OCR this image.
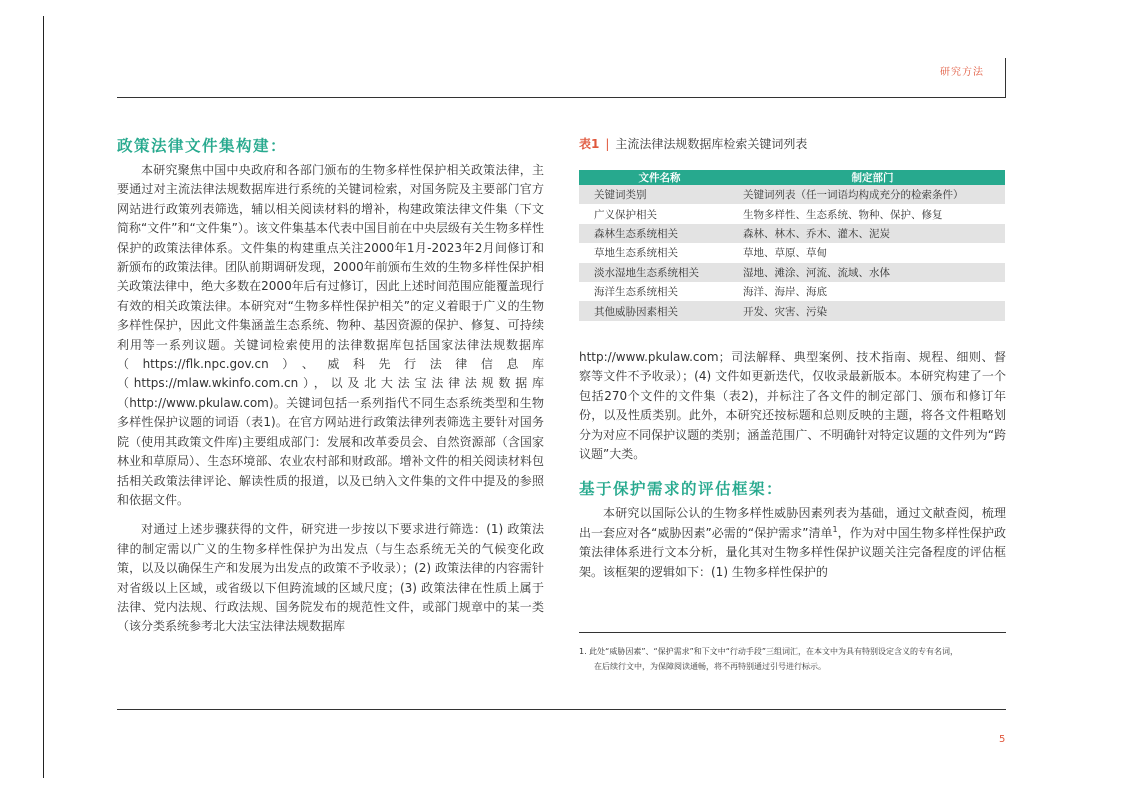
研究方法
政策法律文件集构建：

本研究聚焦中国中央政府和各部门颁布的生物多样性保护相关政策法律，主要通过对主流法律法规数据库进行系统的关键词检索，对国务院及主要部门官方网站进行政策列表筛选，辅以相关阅读材料的增补，构建政策法律文件集（下文简称“文件”和“文件集”）。该文件集基本代表中国目前在中央层级有关生物多样性保护的政策法律体系。文件集的构建重点关注2000年1月-2023年2月间修订和新颁布的政策法律。团队前期调研发现，2000年前颁布生效的生物多样性保护相关政策法律中，绝大多数在2000年后有过修订，因此上述时间范围应能覆盖现行有效的相关政策法律。本研究对“生物多样性保护相关”的定义着眼于广义的生物多样性保护，因此文件集涵盖生态系统、物种、基因资源的保护、修复、可持续利用等一系列议题。关键词检索使用的法律数据库包括国家法律法规数据库（https://flk.npc.gov.cn）、威科先行法律信息库（https://mlaw.wkinfo.com.cn），以及北大法宝法律法规数据库（http://www.pkulaw.com)。关键词包括一系列指代不同生态系统类型和生物多样性保护议题的词语（表1)。在官方网站进行政策法律列表筛选主要针对国务院（使用其政策文件库)主要组成部门：发展和改革委员会、自然资源部（含国家林业和草原局）、生态环境部、农业农村部和财政部。增补文件的相关阅读材料包括相关政策法律评论、解读性质的报道，以及已纳入文件集的文件中提及的参照和依据文件。

对通过上述步骤获得的文件，研究进一步按以下要求进行筛选：(1) 政策法律的制定需以广义的生物多样性保护为出发点（与生态系统无关的气候变化政策，以及以确保生产和发展为出发点的政策不予收录）；(2) 政策法律的内容需针对省级以上区域，或省级以下但跨流域的区域尺度；(3) 政策法律在性质上属于法律、党内法规、行政法规、国务院发布的规范性文件，或部门规章中的某一类（该分类系统参考北大法宝法律法规数据库

表1 | 主流法律法规数据库检索关键词列表
文件名称	制定部门
关键词类别	关键词列表（任一词语均构成充分的检索条件）
广义保护相关	生物多样性、生态系统、物种、保护、修复
森林生态系统相关	森林、林木、乔木、灌木、泥炭
草地生态系统相关	草地、草原、草甸
淡水湿地生态系统相关	湿地、滩涂、河流、流域、水体
海洋生态系统相关	海洋、海岸、海底
其他威胁因素相关	开发、灾害、污染

http://www.pkulaw.com；司法解释、典型案例、技术指南、规程、细则、督察等文件不予收录）；(4) 文件如更新迭代，仅收录最新版本。本研究构建了一个包括270个文件的文件集（表2)，并标注了各文件的制定部门、颁布和修订年份，以及性质类别。此外，本研究还按标题和总则反映的主题，将各文件粗略划分为对应不同保护议题的类别；涵盖范围广、不明确针对特定议题的文件列为“跨议题”大类。

基于保护需求的评估框架：

本研究以国际公认的生物多样性威胁因素列表为基础，通过文献查阅，梳理出一套应对各“威胁因素”必需的“保护需求”清单$^1$，作为对中国生物多样性保护政策法律体系进行文本分析，量化其对生物多样性保护议题关注完备程度的评估框架。该框架的逻辑如下：(1) 生物多样性保护的

1. 此处“威胁因素”、“保护需求”和下文中“行动手段”三组词汇，在本文中为具有特别设定含义的专有名词，
在后续行文中，为保障阅读通畅，将不再特别通过引号进行标示。
5
